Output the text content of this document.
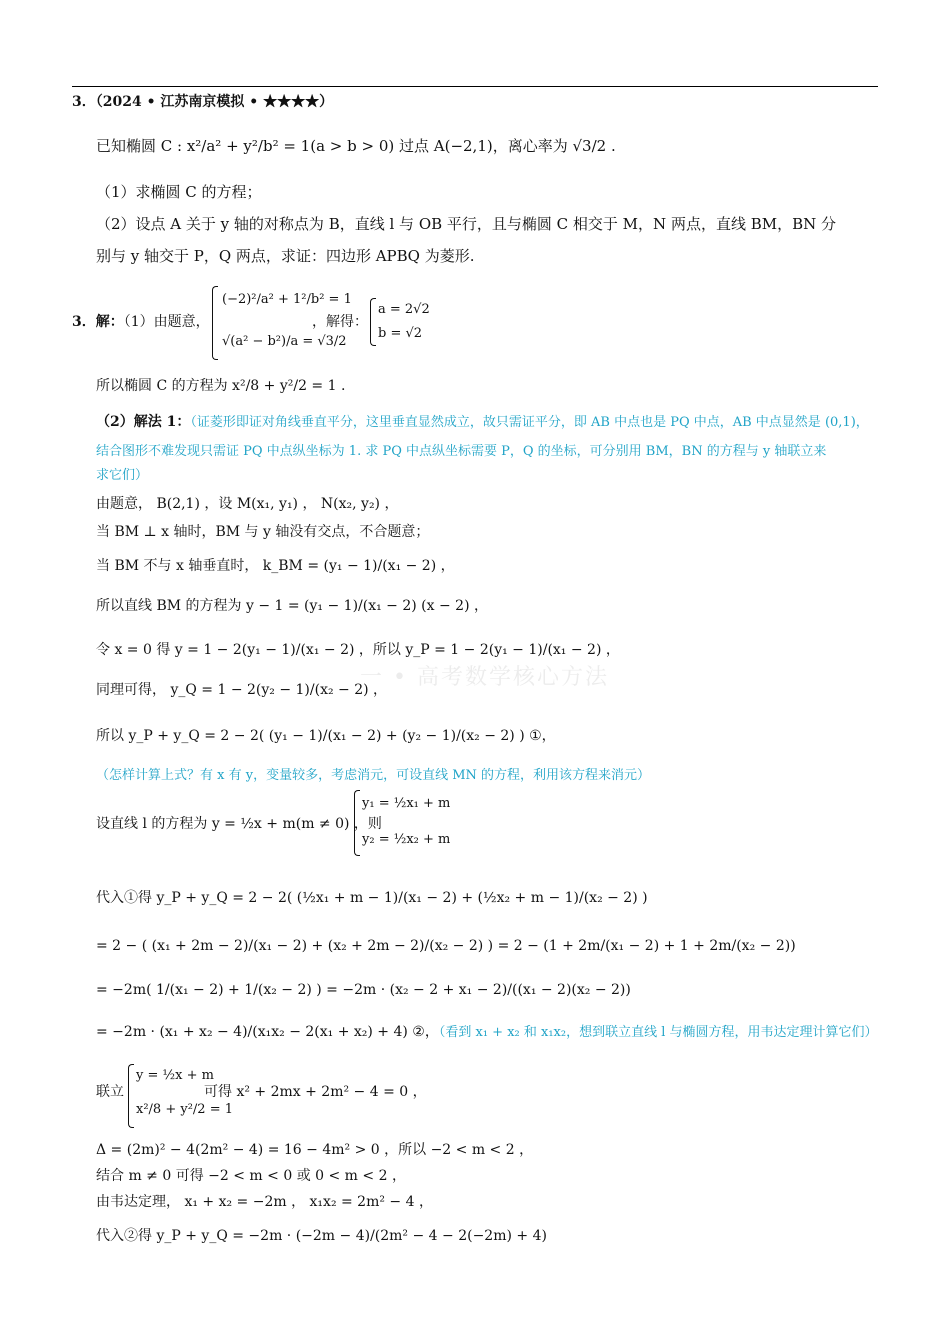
3．（2024 • 江苏南京模拟 • ★★★★）
已知椭圆 C : x²/a² + y²/b² = 1(a > b > 0) 过点 A(−2,1)，离心率为 √3/2 .
（1）求椭圆 C 的方程；
（2）设点 A 关于 y 轴的对称点为 B，直线 l 与 OB 平行，且与椭圆 C 相交于 M，N 两点，直线 BM，BN 分
别与 y 轴交于 P，Q 两点，求证：四边形 APBQ 为菱形.
3．解：（1）由题意，
(−2)²/a² + 1²/b² = 1
√(a² − b²)/a = √3/2
，解得：
a = 2√2
b = √2
所以椭圆 C 的方程为 x²/8 + y²/2 = 1 .
（2）解法 1：（证菱形即证对角线垂直平分，这里垂直显然成立，故只需证平分，即 AB 中点也是 PQ 中点，AB 中点显然是 (0,1)，
结合图形不难发现只需证 PQ 中点纵坐标为 1. 求 PQ 中点纵坐标需要 P，Q 的坐标，可分别用 BM，BN 的方程与 y 轴联立来
求它们）
由题意， B(2,1) ，设 M(x₁, y₁) ， N(x₂, y₂) ，
当 BM ⊥ x 轴时，BM 与 y 轴没有交点，不合题意；
当 BM 不与 x 轴垂直时， k_BM = (y₁ − 1)/(x₁ − 2) ，
所以直线 BM 的方程为 y − 1 = (y₁ − 1)/(x₁ − 2) (x − 2) ，
令 x = 0 得 y = 1 − 2(y₁ − 1)/(x₁ − 2) ，所以 y_P = 1 − 2(y₁ − 1)/(x₁ − 2) ，
同理可得， y_Q = 1 − 2(y₂ − 1)/(x₂ − 2) ，
所以 y_P + y_Q = 2 − 2( (y₁ − 1)/(x₁ − 2) + (y₂ − 1)/(x₂ − 2) ) ①，
（怎样计算上式？有 x 有 y，变量较多，考虑消元，可设直线 MN 的方程，利用该方程来消元）
设直线 l 的方程为 y = ½x + m(m ≠ 0) ，则
y₁ = ½x₁ + m
y₂ = ½x₂ + m
代入①得 y_P + y_Q = 2 − 2( (½x₁ + m − 1)/(x₁ − 2) + (½x₂ + m − 1)/(x₂ − 2) )
= 2 − ( (x₁ + 2m − 2)/(x₁ − 2) + (x₂ + 2m − 2)/(x₂ − 2) ) = 2 − (1 + 2m/(x₁ − 2) + 1 + 2m/(x₂ − 2))
= −2m( 1/(x₁ − 2) + 1/(x₂ − 2) ) = −2m · (x₂ − 2 + x₁ − 2)/((x₁ − 2)(x₂ − 2))
= −2m · (x₁ + x₂ − 4)/(x₁x₂ − 2(x₁ + x₂) + 4) ②，（看到 x₁ + x₂ 和 x₁x₂，想到联立直线 l 与椭圆方程，用韦达定理计算它们）
联立
y = ½x + m
x²/8 + y²/2 = 1
可得 x² + 2mx + 2m² − 4 = 0 ，
Δ = (2m)² − 4(2m² − 4) = 16 − 4m² > 0 ，所以 −2 < m < 2 ，
结合 m ≠ 0 可得 −2 < m < 0 或 0 < m < 2 ，
由韦达定理， x₁ + x₂ = −2m ， x₁x₂ = 2m² − 4 ，
代入②得 y_P + y_Q = −2m · (−2m − 4)/(2m² − 4 − 2(−2m) + 4)
一 • 高考数学核心方法
